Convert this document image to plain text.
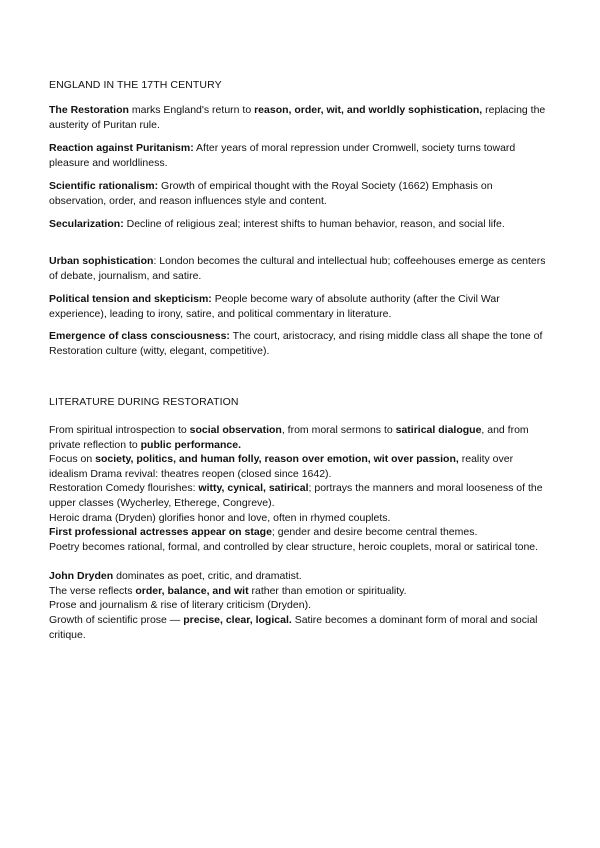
ENGLAND IN THE 17TH CENTURY

The Restoration marks England's return to reason, order, wit, and worldly sophistication, replacing the austerity of Puritan rule.

Reaction against Puritanism: After years of moral repression under Cromwell, society turns toward pleasure and worldliness.

Scientific rationalism: Growth of empirical thought with the Royal Society (1662) Emphasis on observation, order, and reason influences style and content.

Secularization: Decline of religious zeal; interest shifts to human behavior, reason, and social life.

Urban sophistication: London becomes the cultural and intellectual hub; coffeehouses emerge as centers of debate, journalism, and satire.

Political tension and skepticism: People become wary of absolute authority (after the Civil War experience), leading to irony, satire, and political commentary in literature.

Emergence of class consciousness: The court, aristocracy, and rising middle class all shape the tone of Restoration culture (witty, elegant, competitive).

LITERATURE DURING RESTORATION

From spiritual introspection to social observation, from moral sermons to satirical dialogue, and from private reflection to public performance.

Focus on society, politics, and human folly, reason over emotion, wit over passion, reality over idealism Drama revival: theatres reopen (closed since 1642).

Restoration Comedy flourishes: witty, cynical, satirical; portrays the manners and moral looseness of the upper classes (Wycherley, Etherege, Congreve).

Heroic drama (Dryden) glorifies honor and love, often in rhymed couplets.

First professional actresses appear on stage; gender and desire become central themes.

Poetry becomes rational, formal, and controlled by clear structure, heroic couplets, moral or satirical tone.

John Dryden dominates as poet, critic, and dramatist.

The verse reflects order, balance, and wit rather than emotion or spirituality.

Prose and journalism & rise of literary criticism (Dryden).

Growth of scientific prose — precise, clear, logical. Satire becomes a dominant form of moral and social critique.
